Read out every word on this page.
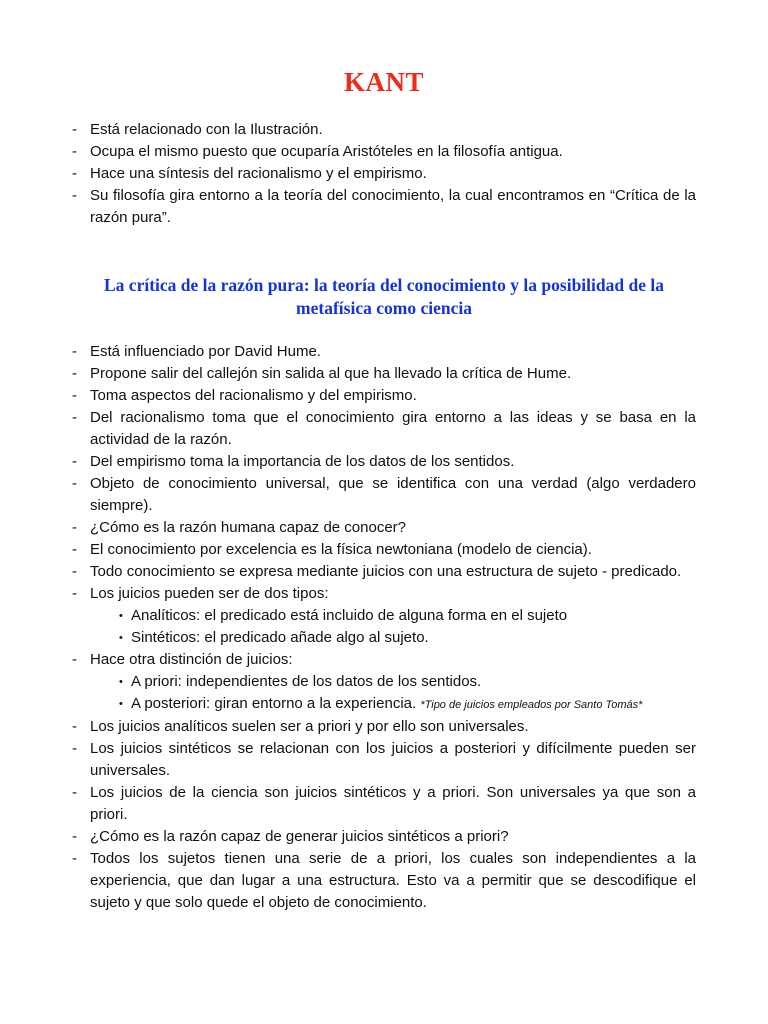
KANT
- Está relacionado con la Ilustración.
- Ocupa el mismo puesto que ocuparía Aristóteles en la filosofía antigua.
- Hace una síntesis del racionalismo y el empirismo.
- Su filosofía gira entorno a la teoría del conocimiento, la cual encontramos en “Crítica de la razón pura”.
La crítica de la razón pura: la teoría del conocimiento y la posibilidad de la metafísica como ciencia
- Está influenciado por David Hume.
- Propone salir del callejón sin salida al que ha llevado la crítica de Hume.
- Toma aspectos del racionalismo y del empirismo.
- Del racionalismo toma que el conocimiento gira entorno a las ideas y se basa en la actividad de la razón.
- Del empirismo toma la importancia de los datos de los sentidos.
- Objeto de conocimiento universal, que se identifica con una verdad (algo verdadero siempre).
- ¿Cómo es la razón humana capaz de conocer?
- El conocimiento por excelencia es la física newtoniana (modelo de ciencia).
- Todo conocimiento se expresa mediante juicios con una estructura de sujeto - predicado.
- Los juicios pueden ser de dos tipos:
• Analíticos: el predicado está incluido de alguna forma en el sujeto
• Sintéticos: el predicado añade algo al sujeto.
- Hace otra distinción de juicios:
• A priori: independientes de los datos de los sentidos.
• A posteriori: giran entorno a la experiencia. *Tipo de juicios empleados por Santo Tomás*
- Los juicios analíticos suelen ser a priori y por ello son universales.
- Los juicios sintéticos se relacionan con los juicios a posteriori y difícilmente pueden ser universales.
- Los juicios de la ciencia son juicios sintéticos y a priori. Son universales ya que son a priori.
- ¿Cómo es la razón capaz de generar juicios sintéticos a priori?
- Todos los sujetos tienen una serie de a priori, los cuales son independientes a la experiencia, que dan lugar a una estructura. Esto va a permitir que se descodifique el sujeto y que solo quede el objeto de conocimiento.
